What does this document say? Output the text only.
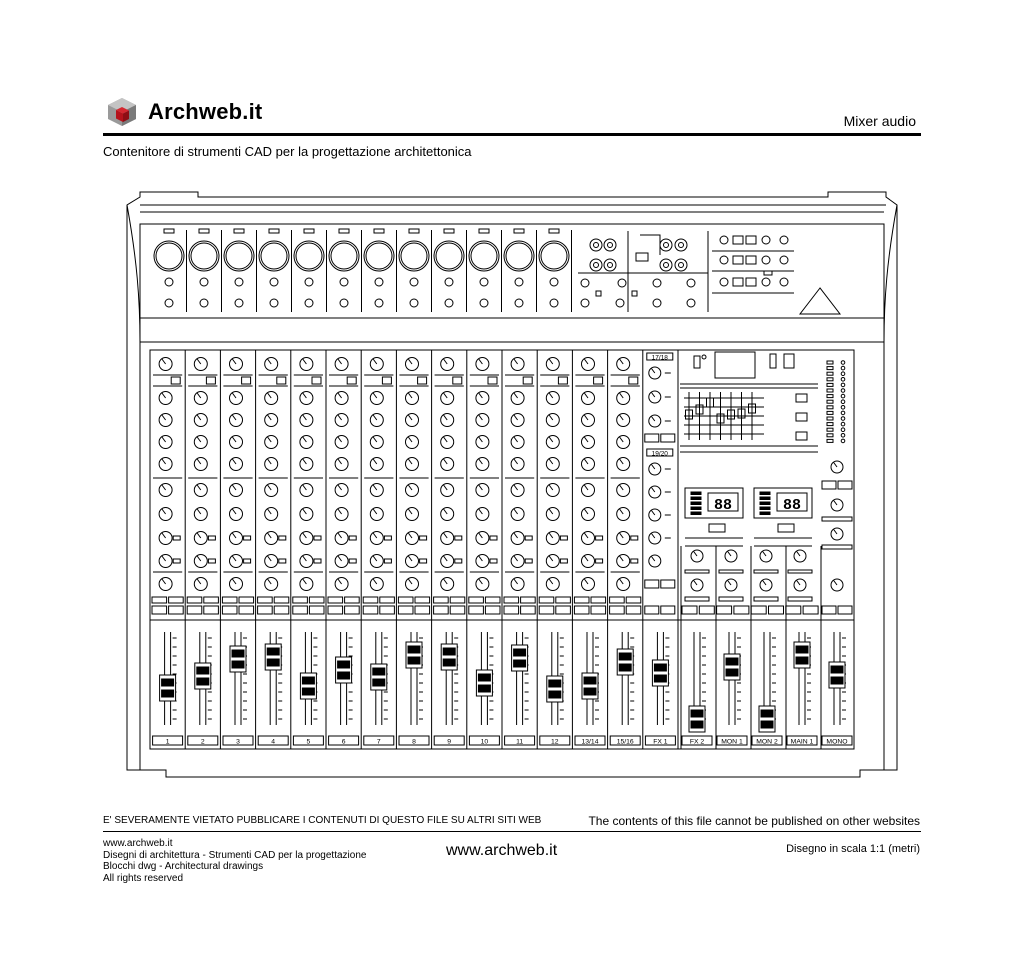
Archweb.it	Mixer audio
Contenitore di strumenti CAD per la progettazione architettonica
17/18
19/20
88	88
1	2	3	4	5	6	7	8	9	10	11	12	13/14	15/16	FX 1	FX 2	MON 1 MON 2 MAIN 1 MONO
E' SEVERAMENTE VIETATO PUBBLICARE I CONTENUTI DI QUESTO FILE SU ALTRI SITI WEB	The contents of this file cannot be published on other websites
www.archweb.it
Disegni di architettura - Strumenti CAD per la progettazione
Blocchi dwg - Architectural drawings
All rights reserved
www.archweb.it	Disegno in scala 1:1 (metri)
